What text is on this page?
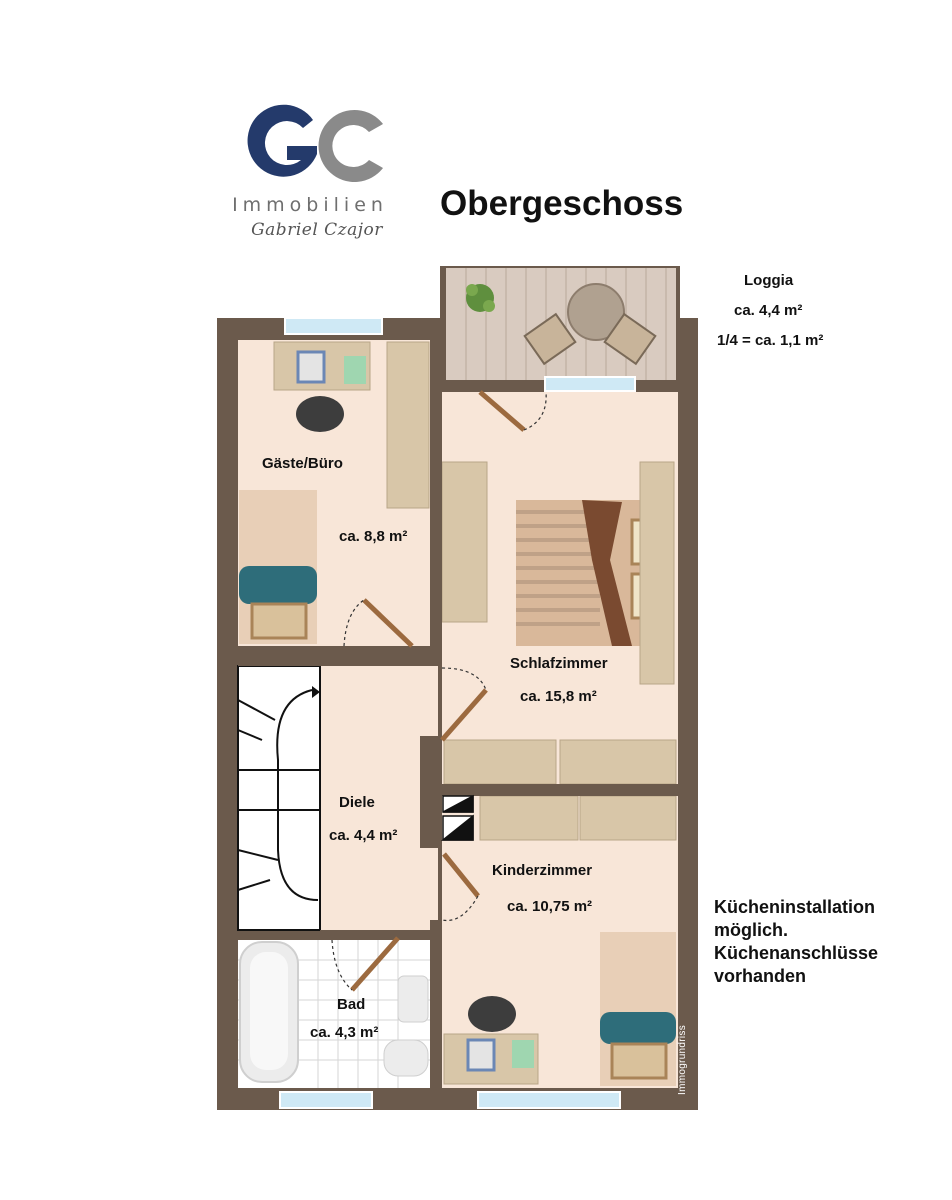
Immobilien
Gabriel Czajor
Obergeschoss
Loggia
ca. 4,4 m²
1/4 = ca. 1,1 m²
Gäste/Büro
ca. 8,8 m²
Schlafzimmer
ca. 15,8 m²
Diele
ca. 4,4 m²
Kinderzimmer
ca. 10,75 m²
Bad
ca. 4,3 m²
Kücheninstallation
möglich.
Küchenanschlüsse
vorhanden
Immogrundriss
